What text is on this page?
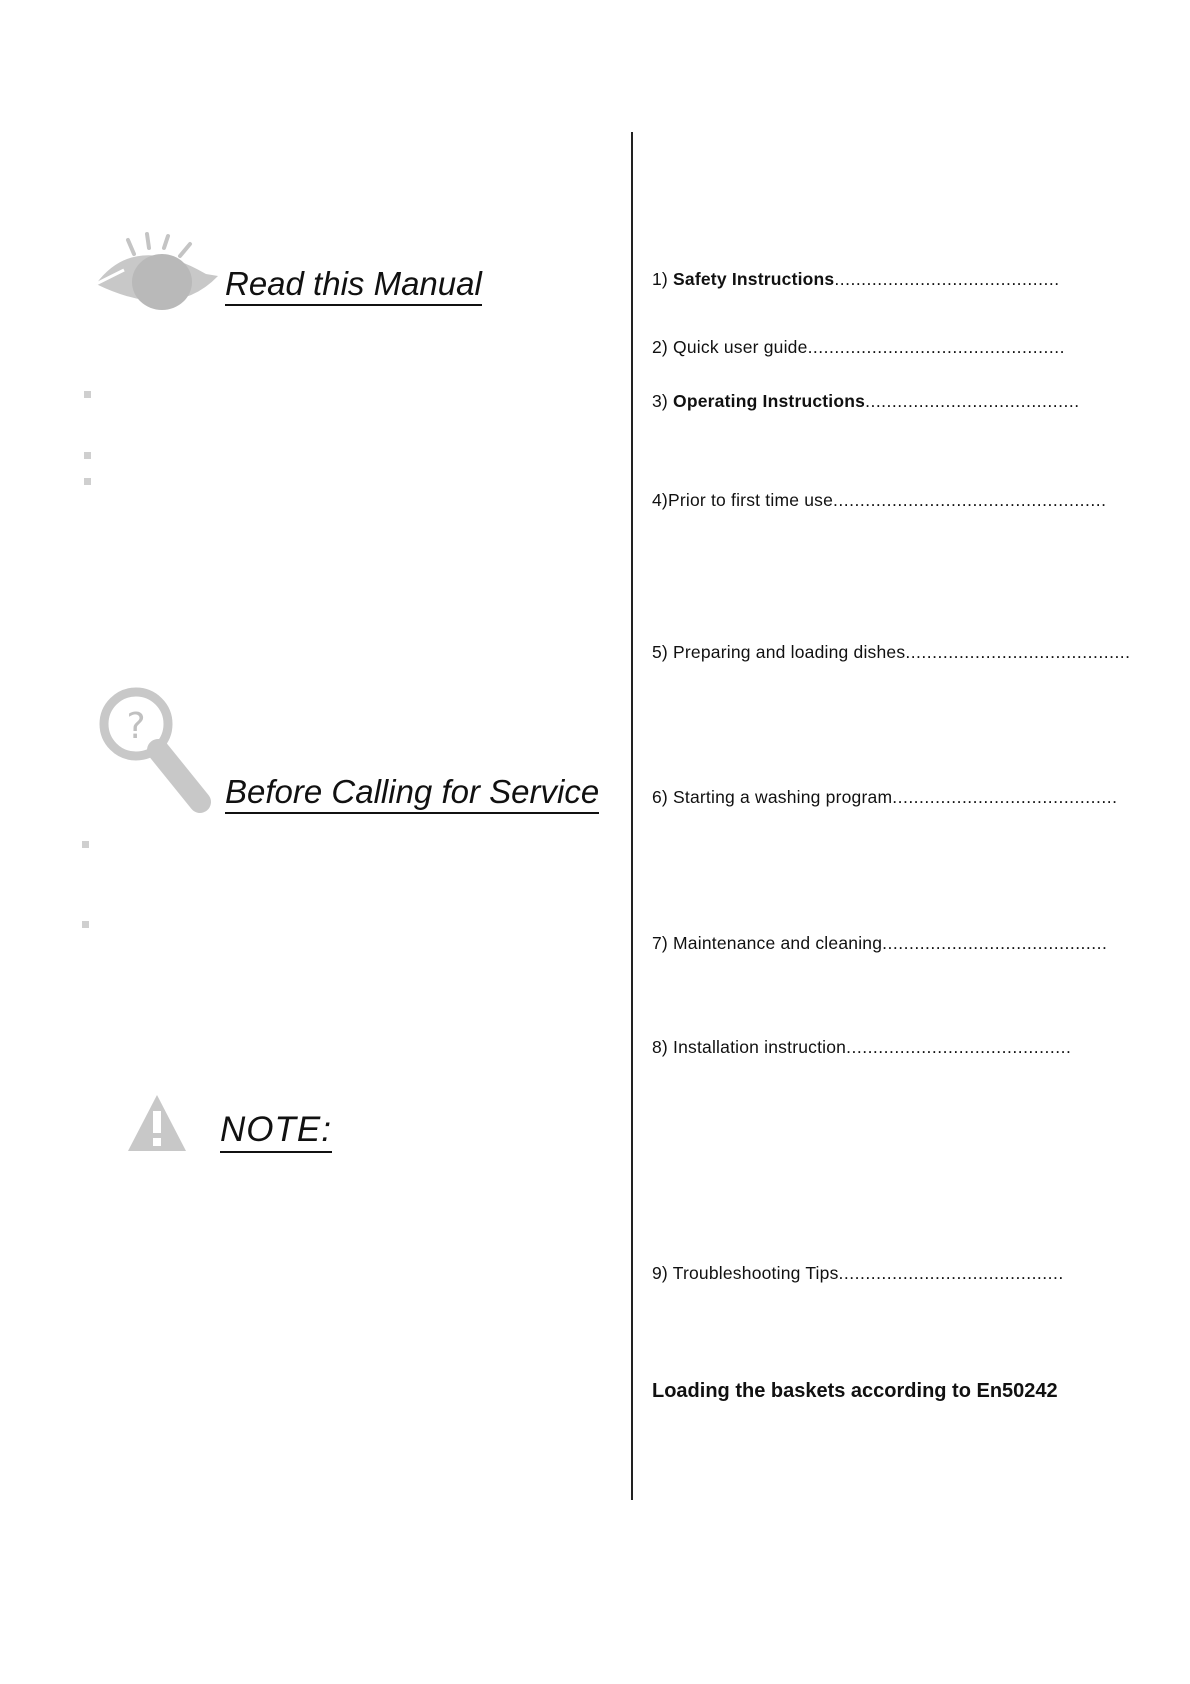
Read this Manual
?
Before Calling for Service
NOTE:
1) Safety Instructions..........................................
2) Quick user guide................................................
3) Operating Instructions........................................
4)Prior to first time use...................................................
5) Preparing and loading dishes..........................................
6) Starting a washing program..........................................
7) Maintenance and cleaning..........................................
8) Installation instruction..........................................
9) Troubleshooting Tips..........................................
Loading the baskets according to En50242
